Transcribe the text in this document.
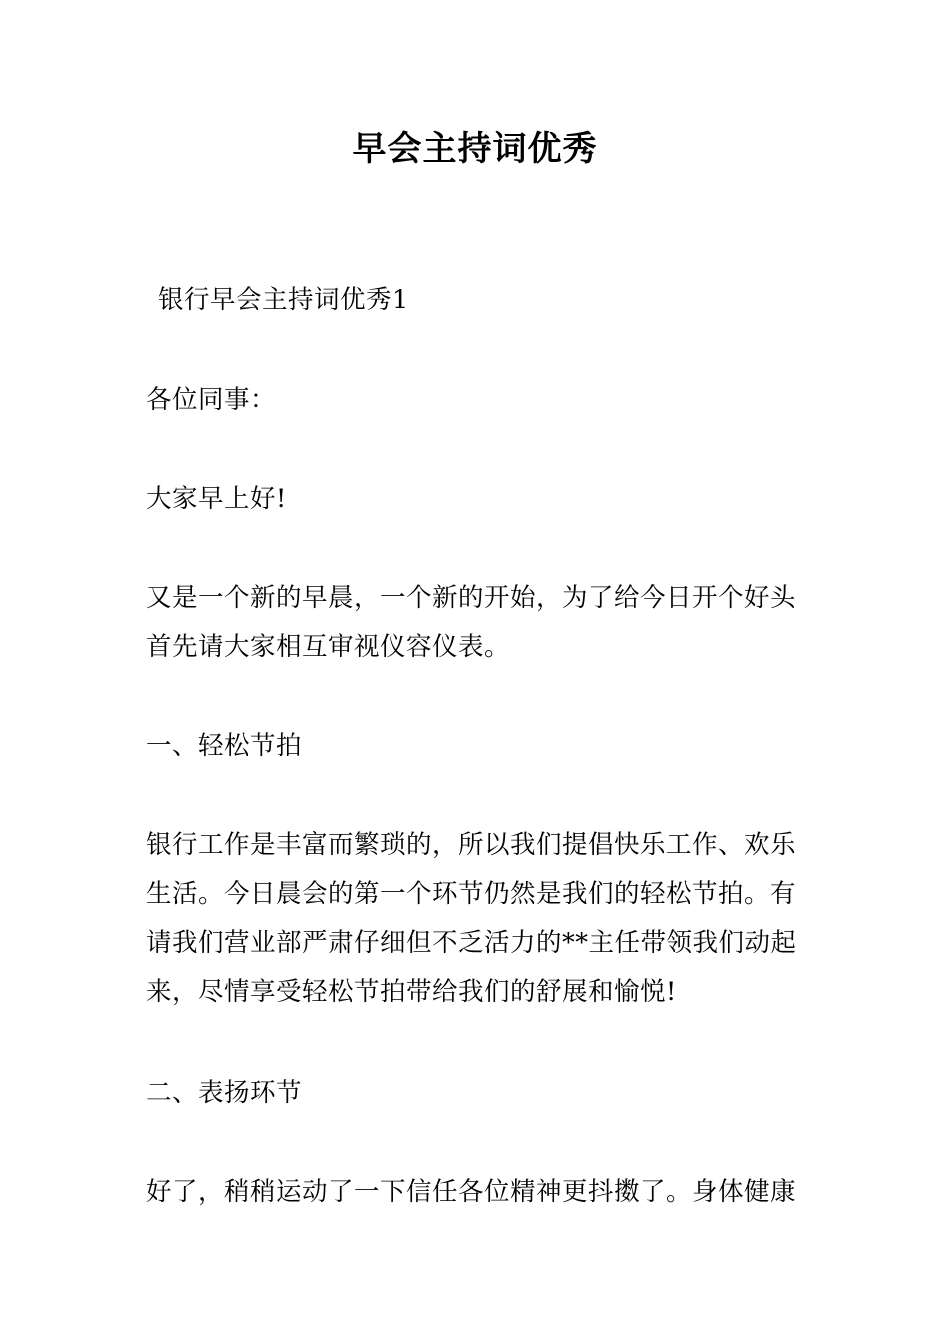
早会主持词优秀
银行早会主持词优秀1
各位同事：
大家早上好!
又是一个新的早晨，一个新的开始，为了给今日开个好头
首先请大家相互审视仪容仪表。
一、轻松节拍
银行工作是丰富而繁琐的，所以我们提倡快乐工作、欢乐
生活。今日晨会的第一个环节仍然是我们的轻松节拍。有
请我们营业部严肃仔细但不乏活力的**主任带领我们动起
来，尽情享受轻松节拍带给我们的舒展和愉悦!
二、表扬环节
好了，稍稍运动了一下信任各位精神更抖擞了。身体健康
